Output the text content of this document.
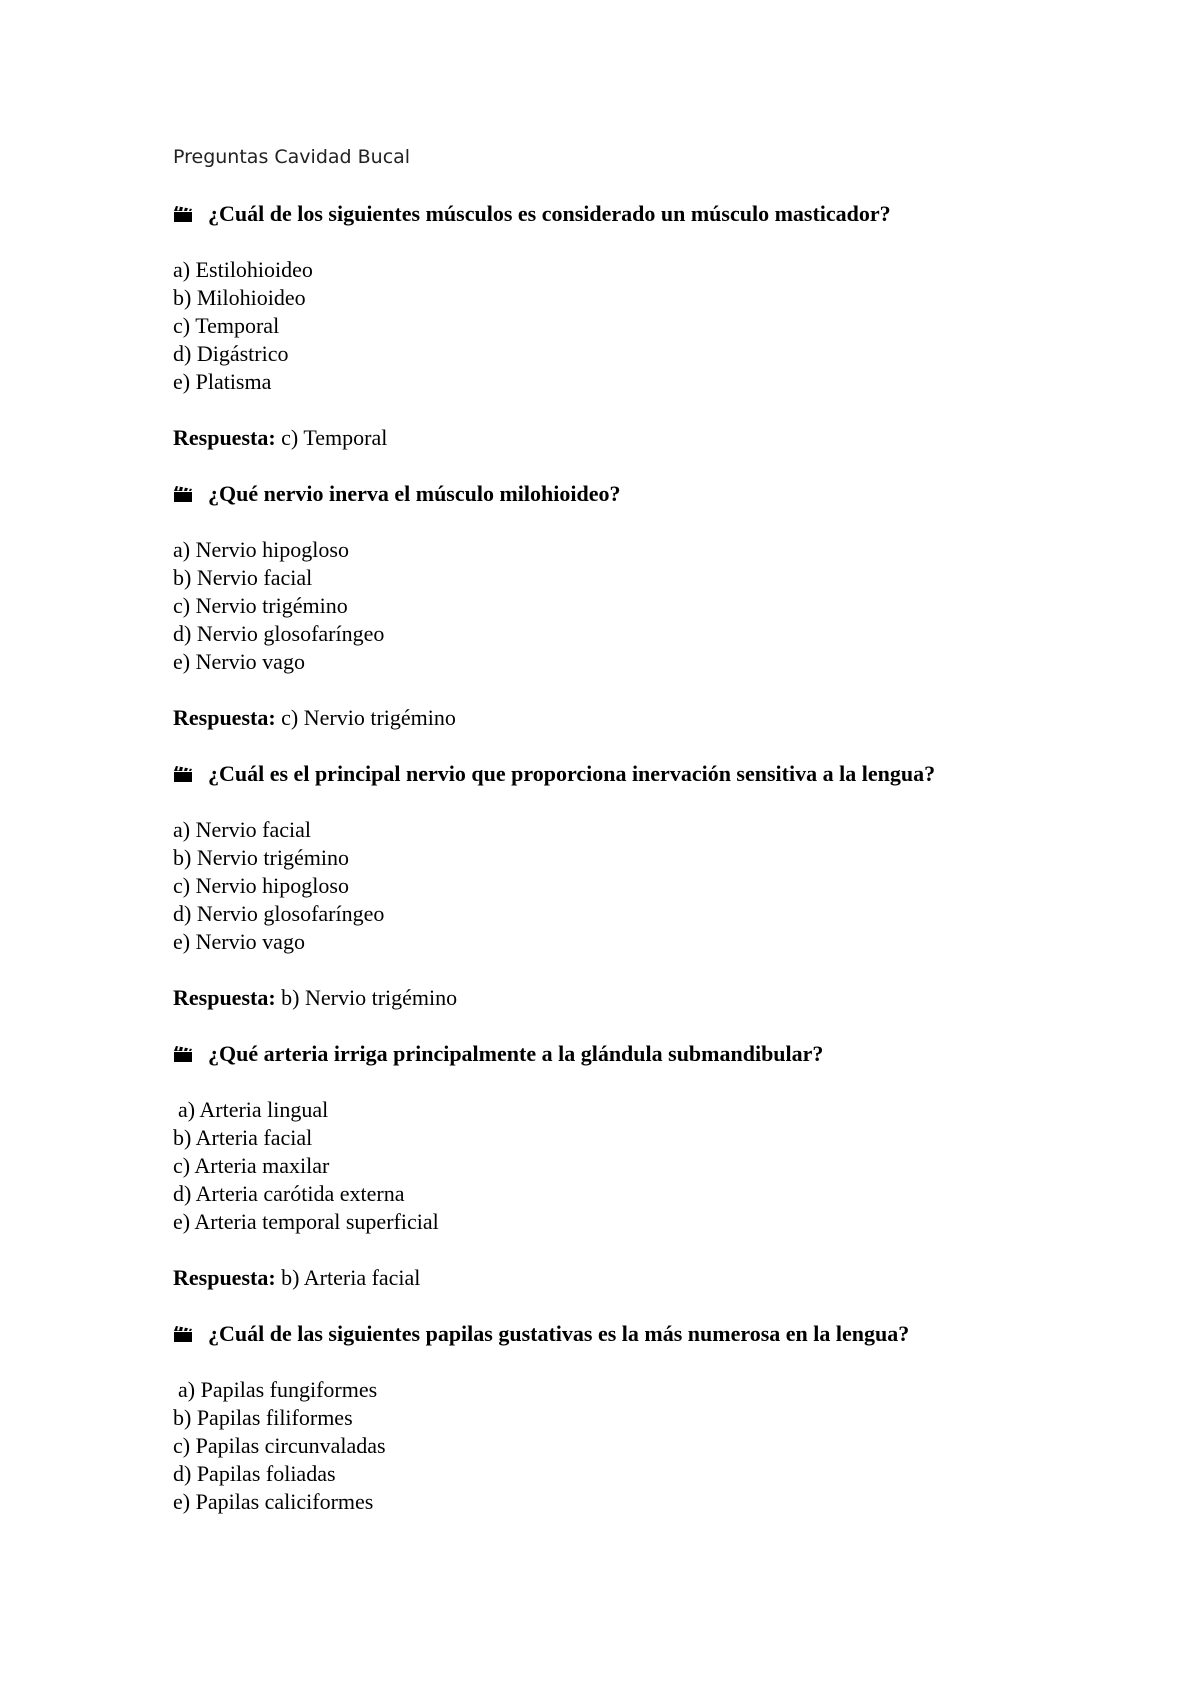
Preguntas Cavidad Bucal
¿Cuál de los siguientes músculos es considerado un músculo masticador?
a) Estilohioideo
b) Milohioideo
c) Temporal
d) Digástrico
e) Platisma
Respuesta: c) Temporal
¿Qué nervio inerva el músculo milohioideo?
a) Nervio hipogloso
b) Nervio facial
c) Nervio trigémino
d) Nervio glosofaríngeo
e) Nervio vago
Respuesta: c) Nervio trigémino
¿Cuál es el principal nervio que proporciona inervación sensitiva a la lengua?
a) Nervio facial
b) Nervio trigémino
c) Nervio hipogloso
d) Nervio glosofaríngeo
e) Nervio vago
Respuesta: b) Nervio trigémino
¿Qué arteria irriga principalmente a la glándula submandibular?
a) Arteria lingual
b) Arteria facial
c) Arteria maxilar
d) Arteria carótida externa
e) Arteria temporal superficial
Respuesta: b) Arteria facial
¿Cuál de las siguientes papilas gustativas es la más numerosa en la lengua?
a) Papilas fungiformes
b) Papilas filiformes
c) Papilas circunvaladas
d) Papilas foliadas
e) Papilas caliciformes
